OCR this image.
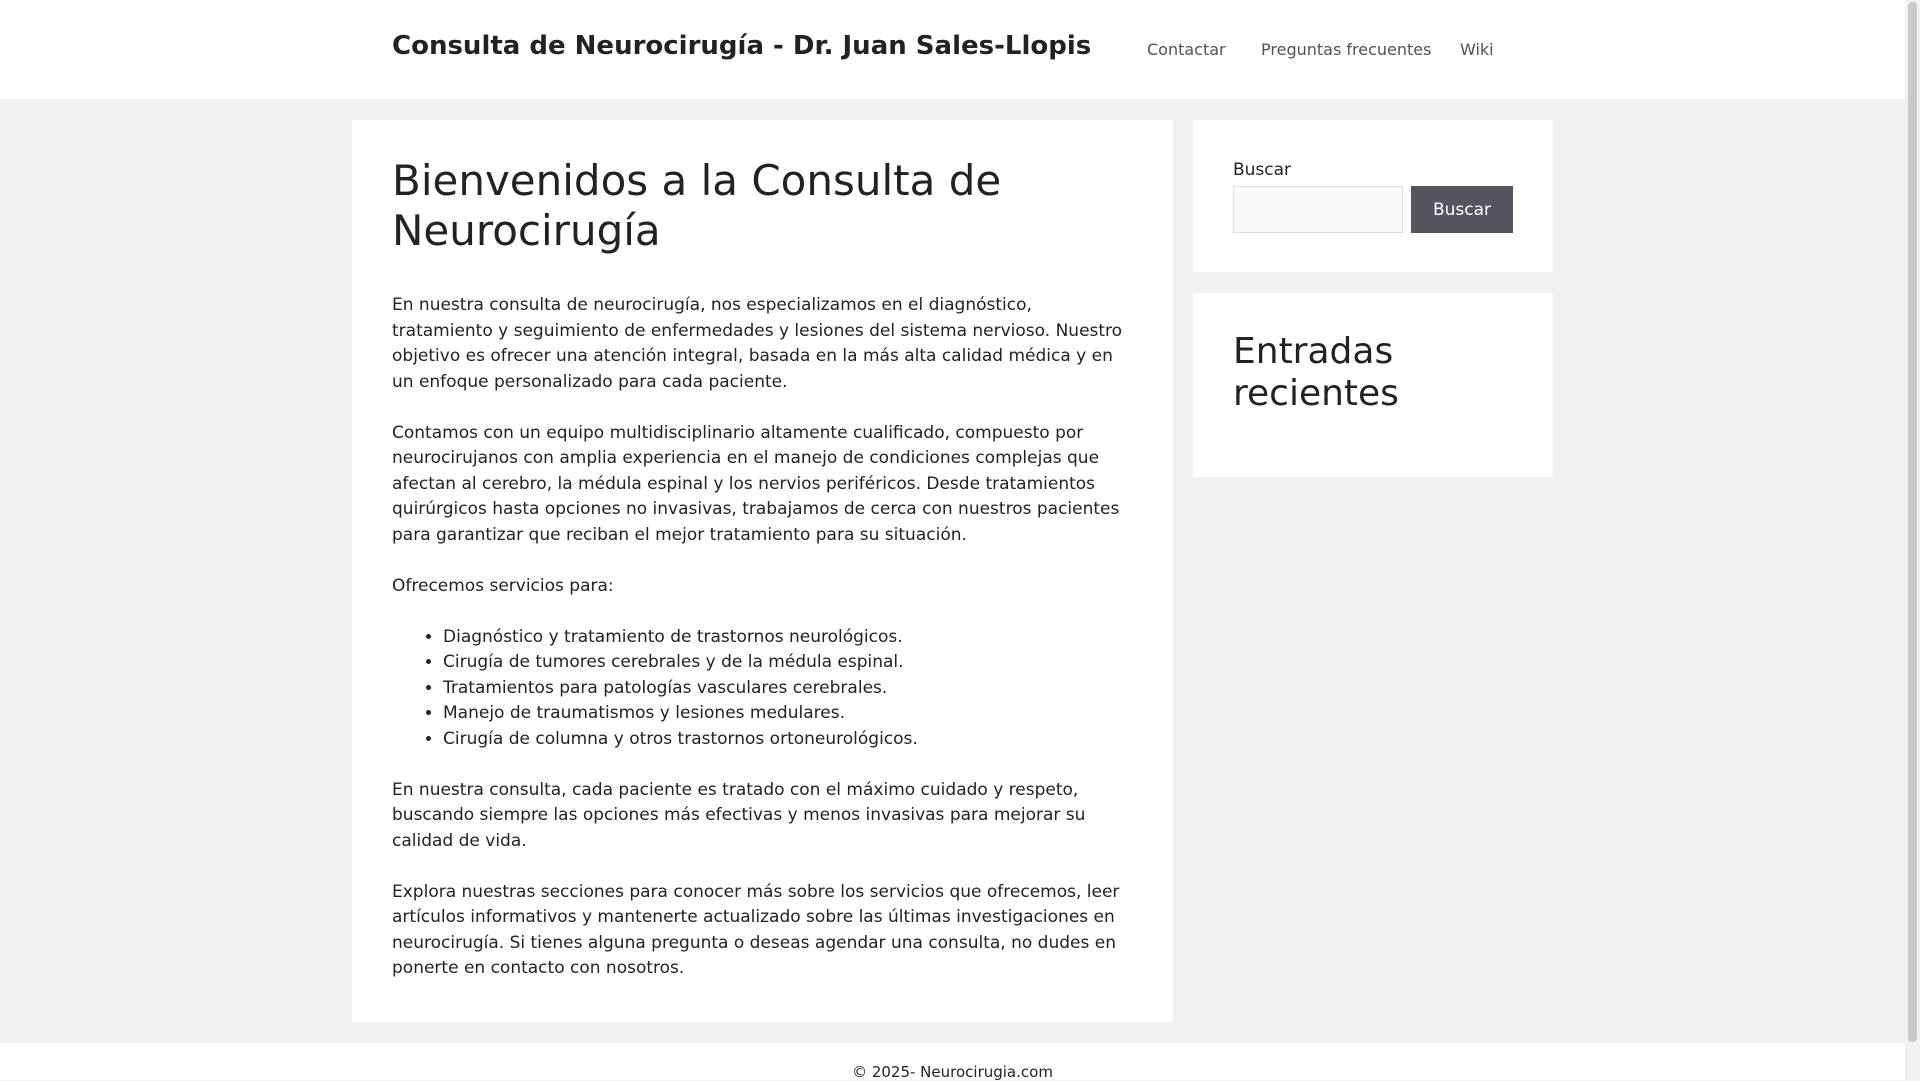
Consulta de Neurocirugía - Dr. Juan Sales-Llopis	Contactar Preguntas frecuentes Wiki
Bienvenidos a la Consulta de Neurocirugía

En nuestra consulta de neurocirugía, nos especializamos en el diagnóstico, tratamiento y seguimiento de enfermedades y lesiones del sistema nervioso. Nuestro objetivo es ofrecer una atención integral, basada en la más alta calidad médica y en un enfoque personalizado para cada paciente.

Contamos con un equipo multidisciplinario altamente cualificado, compuesto por neurocirujanos con amplia experiencia en el manejo de condiciones complejas que afectan al cerebro, la médula espinal y los nervios periféricos. Desde tratamientos quirúrgicos hasta opciones no invasivas, trabajamos de cerca con nuestros pacientes para garantizar que reciban el mejor tratamiento para su situación.

Ofrecemos servicios para:

• Diagnóstico y tratamiento de trastornos neurológicos.
• Cirugía de tumores cerebrales y de la médula espinal.
• Tratamientos para patologías vasculares cerebrales.
• Manejo de traumatismos y lesiones medulares.
• Cirugía de columna y otros trastornos ortoneurológicos.

En nuestra consulta, cada paciente es tratado con el máximo cuidado y respeto, buscando siempre las opciones más efectivas y menos invasivas para mejorar su calidad de vida.

Explora nuestras secciones para conocer más sobre los servicios que ofrecemos, leer artículos informativos y mantenerte actualizado sobre las últimas investigaciones en neurocirugía. Si tienes alguna pregunta o deseas agendar una consulta, no dudes en ponerte en contacto con nosotros.

Buscar
Buscar
Entradas recientes
© 2025- Neurocirugia.com
